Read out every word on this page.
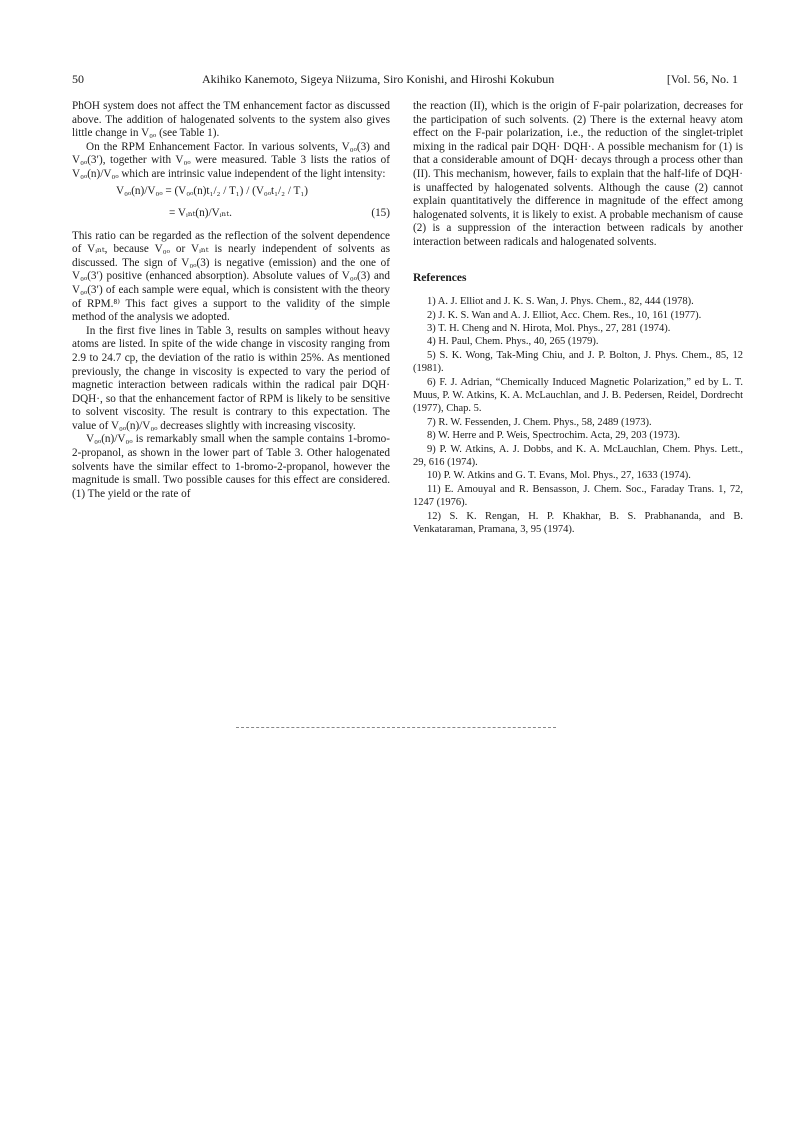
50	Akihiko Kanemoto, Sigeya Niizuma, Siro Konishi, and Hiroshi Kokubun	[Vol. 56, No. 1

PhOH system does not affect the TM enhancement factor as discussed above. The addition of halogenated solvents to the system also gives little change in V₀ₒ (see Table 1).

On the RPM Enhancement Factor. In various solvents, V₀ₒ(3) and V₀ₒ(3′), together with V₀ₒ were measured. Table 3 lists the ratios of V₀ₒ(n)/V₀ₒ which are intrinsic value independent of the light intensity:

V₀ₒ(n)/V₀ₒ = (V₀ₒ(n)t₁/₂ / T₁) / (V₀ₒt₁/₂ / T₁)
= Vᵢₙₜ(n)/Vᵢₙₜ.	(15)

This ratio can be regarded as the reflection of the solvent dependence of Vᵢₙₜ, because V₀ₒ or Vᵢₙₜ is nearly independent of solvents as discussed. The sign of V₀ₒ(3) is negative (emission) and the one of V₀ₒ(3′) positive (enhanced absorption). Absolute values of V₀ₒ(3) and V₀ₒ(3′) of each sample were equal, which is consistent with the theory of RPM.⁸⁾ This fact gives a support to the validity of the simple method of the analysis we adopted.

In the first five lines in Table 3, results on samples without heavy atoms are listed. In spite of the wide change in viscosity ranging from 2.9 to 24.7 cp, the deviation of the ratio is within 25%. As mentioned previously, the change in viscosity is expected to vary the period of magnetic interaction between radicals within the radical pair DQH· DQH·, so that the enhancement factor of RPM is likely to be sensitive to solvent viscosity. The result is contrary to this expectation. The value of V₀ₒ(n)/V₀ₒ decreases slightly with increasing viscosity.

V₀ₒ(n)/V₀ₒ is remarkably small when the sample contains 1-bromo-2-propanol, as shown in the lower part of Table 3. Other halogenated solvents have the similar effect to 1-bromo-2-propanol, however the magnitude is small. Two possible causes for this effect are considered. (1) The yield or the rate of

the reaction (II), which is the origin of F-pair polarization, decreases for the participation of such solvents. (2) There is the external heavy atom effect on the F-pair polarization, i.e., the reduction of the singlet-triplet mixing in the radical pair DQH· DQH·. A possible mechanism for (1) is that a considerable amount of DQH· decays through a process other than (II). This mechanism, however, fails to explain that the half-life of DQH· is unaffected by halogenated solvents. Although the cause (2) cannot explain quantitatively the difference in magnitude of the effect among halogenated solvents, it is likely to exist. A probable mechanism of cause (2) is a suppression of the interaction between radicals by another interaction between radicals and halogenated solvents.

References

1) A. J. Elliot and J. K. S. Wan, J. Phys. Chem., 82, 444 (1978).

2) J. K. S. Wan and A. J. Elliot, Acc. Chem. Res., 10, 161 (1977).

3) T. H. Cheng and N. Hirota, Mol. Phys., 27, 281 (1974).

4) H. Paul, Chem. Phys., 40, 265 (1979).

5) S. K. Wong, Tak-Ming Chiu, and J. P. Bolton, J. Phys. Chem., 85, 12 (1981).

6) F. J. Adrian, “Chemically Induced Magnetic Polarization,” ed by L. T. Muus, P. W. Atkins, K. A. McLauchlan, and J. B. Pedersen, Reidel, Dordrecht (1977), Chap. 5.

7) R. W. Fessenden, J. Chem. Phys., 58, 2489 (1973).

8) W. Herre and P. Weis, Spectrochim. Acta, 29, 203 (1973).

9) P. W. Atkins, A. J. Dobbs, and K. A. McLauchlan, Chem. Phys. Lett., 29, 616 (1974).

10) P. W. Atkins and G. T. Evans, Mol. Phys., 27, 1633 (1974).

11) E. Amouyal and R. Bensasson, J. Chem. Soc., Faraday Trans. 1, 72, 1247 (1976).

12) S. K. Rengan, H. P. Khakhar, B. S. Prabhananda, and B. Venkataraman, Pramana, 3, 95 (1974).
